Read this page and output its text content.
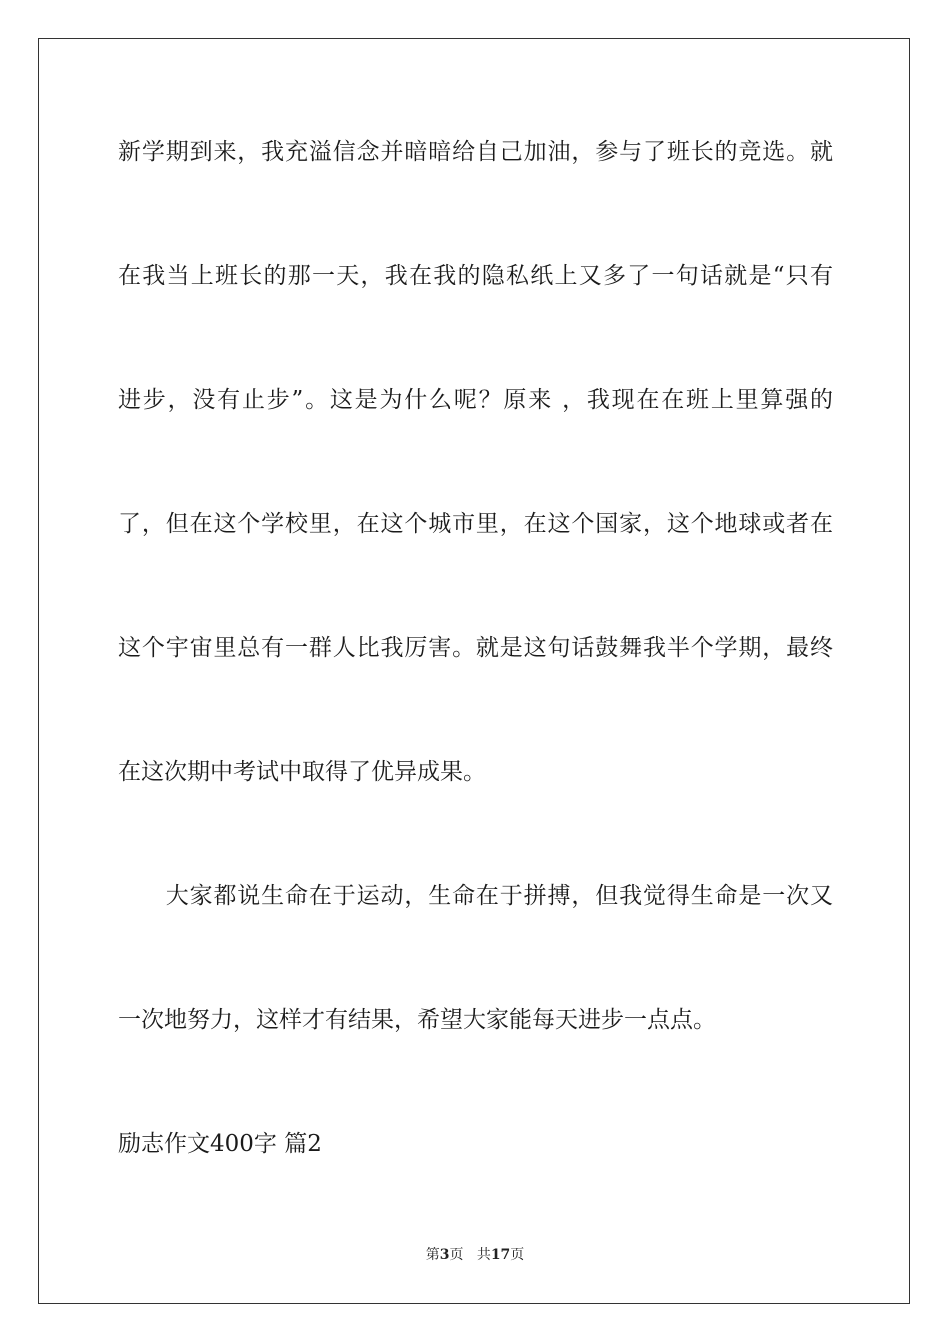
新学期到来，我充溢信念并暗暗给自己加油，参与了班长的竞选。就
在我当上班长的那一天，我在我的隐私纸上又多了一句话就是“只有
进步，没有止步”。这是为什么呢？原来 ，我现在在班上里算强的
了，但在这个学校里，在这个城市里，在这个国家，这个地球或者在
这个宇宙里总有一群人比我厉害。就是这句话鼓舞我半个学期，最终
在这次期中考试中取得了优异成果。
　　大家都说生命在于运动，生命在于拼搏，但我觉得生命是一次又
一次地努力，这样才有结果，希望大家能每天进步一点点。
励志作文400字 篇2
第3页 共17页
